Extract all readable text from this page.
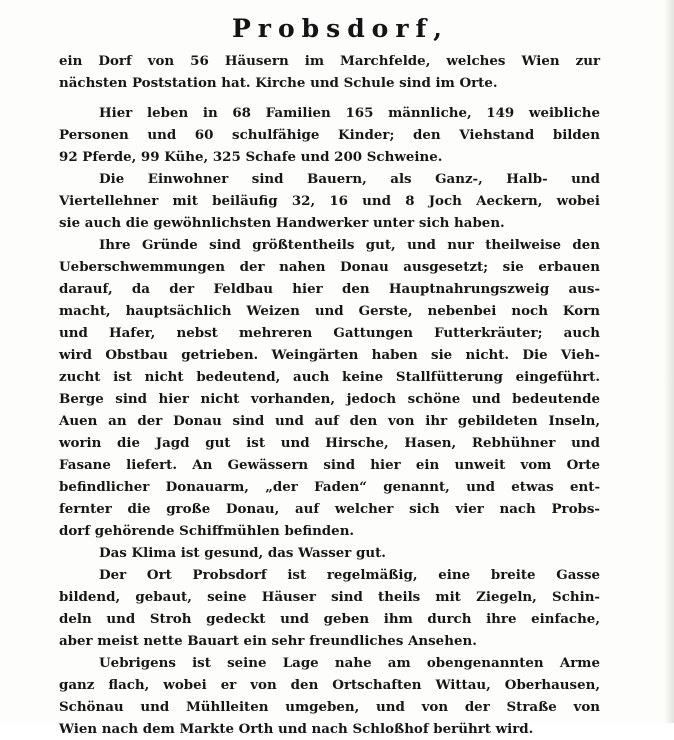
Probsdorf,
ein Dorf von 56 Häusern im Marchfelde, welches Wien zur
nächsten Poststation hat. Kirche und Schule sind im Orte.
Hier leben in 68 Familien 165 männliche, 149 weibliche
Personen und 60 schulfähige Kinder; den Viehstand bilden
92 Pferde, 99 Kühe, 325 Schafe und 200 Schweine.
Die Einwohner sind Bauern, als Ganz-, Halb- und
Viertellehner mit beiläufig 32, 16 und 8 Joch Aeckern, wobei
sie auch die gewöhnlichsten Handwerker unter sich haben.
Ihre Gründe sind größtentheils gut, und nur theilweise den
Ueberschwemmungen der nahen Donau ausgesetzt; sie erbauen
darauf, da der Feldbau hier den Hauptnahrungszweig aus-
macht, hauptsächlich Weizen und Gerste, nebenbei noch Korn
und Hafer, nebst mehreren Gattungen Futterkräuter; auch
wird Obstbau getrieben. Weingärten haben sie nicht. Die Vieh-
zucht ist nicht bedeutend, auch keine Stallfütterung eingeführt.
Berge sind hier nicht vorhanden, jedoch schöne und bedeutende
Auen an der Donau sind und auf den von ihr gebildeten Inseln,
worin die Jagd gut ist und Hirsche, Hasen, Rebhühner und
Fasane liefert. An Gewässern sind hier ein unweit vom Orte
befindlicher Donauarm, „der Faden“ genannt, und etwas ent-
fernter die große Donau, auf welcher sich vier nach Probs-
dorf gehörende Schiffmühlen befinden.
Das Klima ist gesund, das Wasser gut.
Der Ort Probsdorf ist regelmäßig, eine breite Gasse
bildend, gebaut, seine Häuser sind theils mit Ziegeln, Schin-
deln und Stroh gedeckt und geben ihm durch ihre einfache,
aber meist nette Bauart ein sehr freundliches Ansehen.
Uebrigens ist seine Lage nahe am obengenannten Arme
ganz flach, wobei er von den Ortschaften Wittau, Oberhausen,
Schönau und Mühlleiten umgeben, und von der Straße von
Wien nach dem Markte Orth und nach Schloßhof berührt wird.
